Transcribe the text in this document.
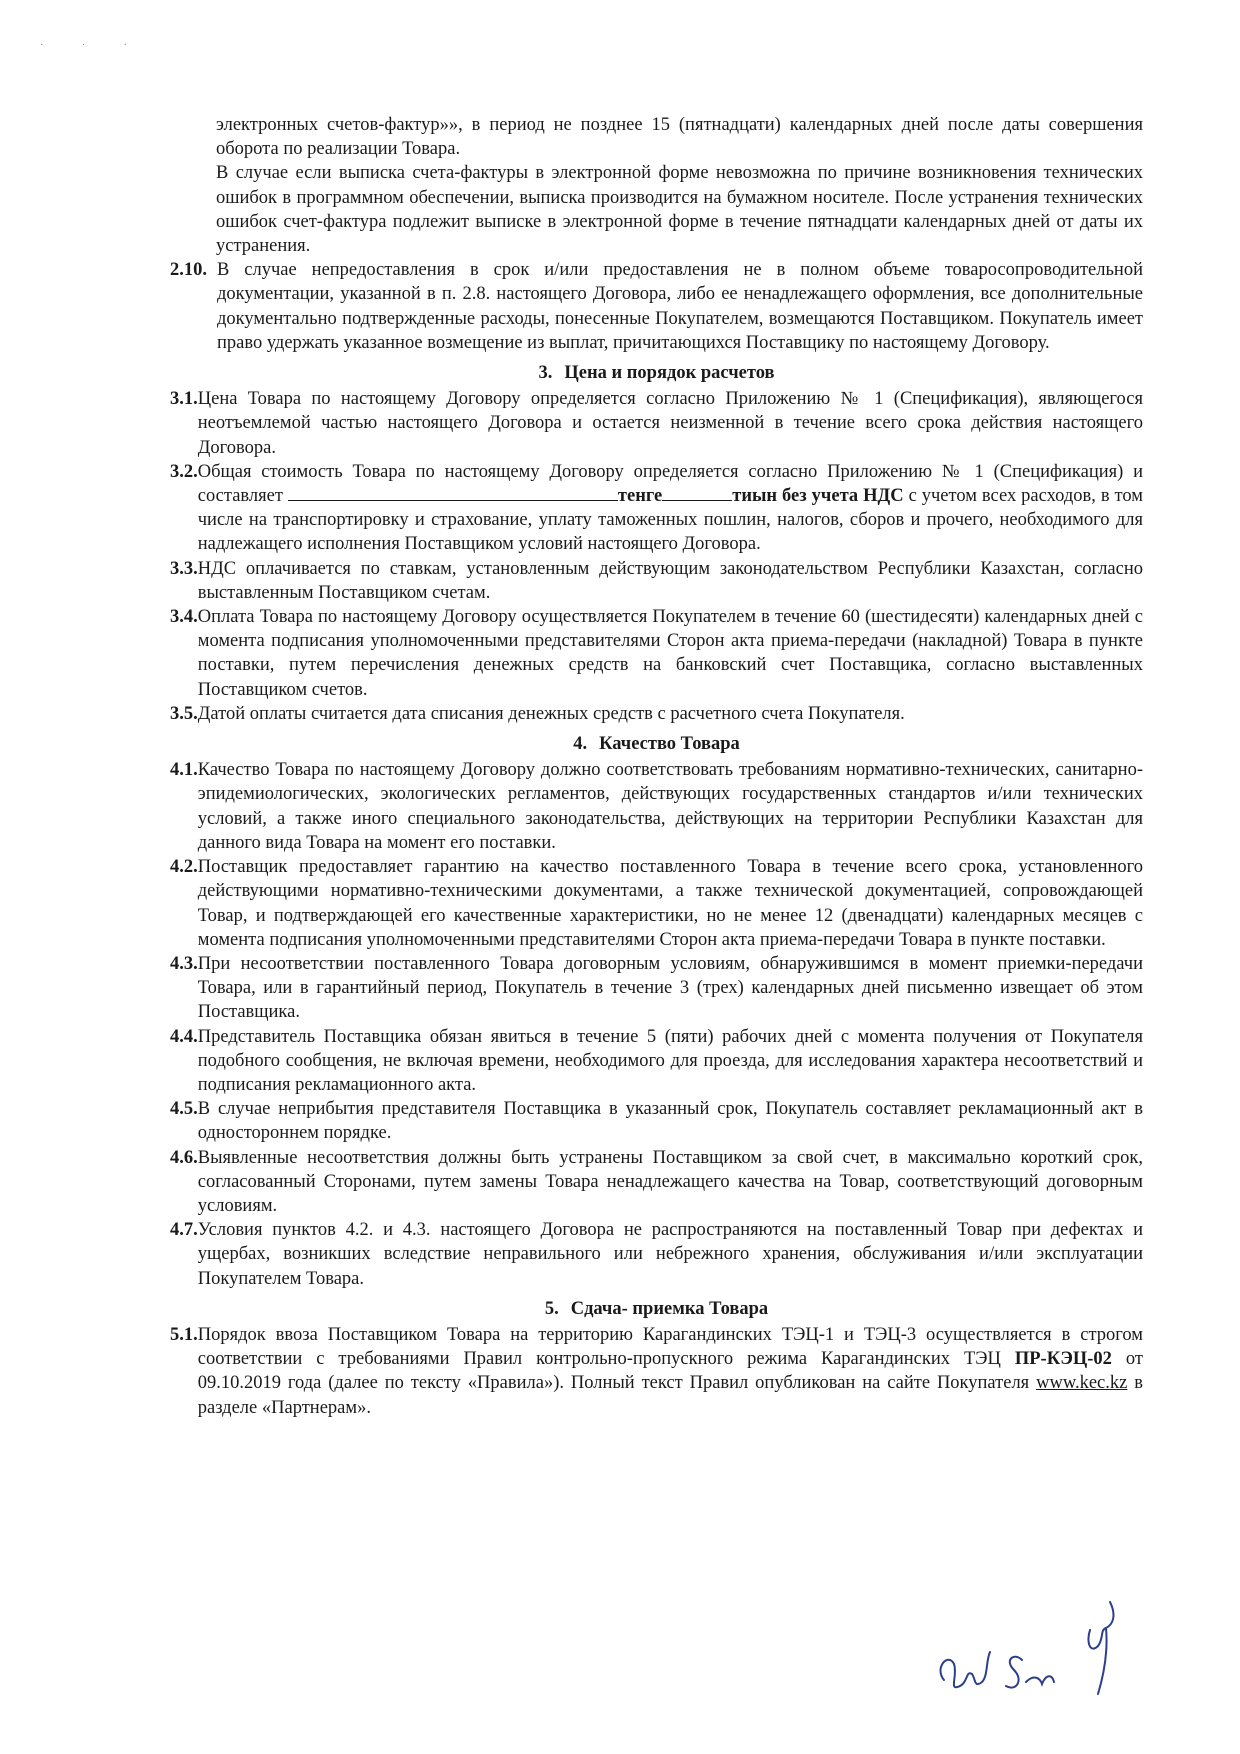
· · ·

электронных счетов-фактур»», в период не позднее 15 (пятнадцати) календарных дней после даты совершения оборота по реализации Товара.

В случае если выписка счета-фактуры в электронной форме невозможна по причине возникновения технических ошибок в программном обеспечении, выписка производится на бумажном носителе. После устранения технических ошибок счет-фактура подлежит выписке в электронной форме в течение пятнадцати календарных дней от даты их устранения.

2.10. В случае непредоставления в срок и/или предоставления не в полном объеме товаросопроводительной документации, указанной в п. 2.8. настоящего Договора, либо ее ненадлежащего оформления, все дополнительные документально подтвержденные расходы, понесенные Покупателем, возмещаются Поставщиком. Покупатель имеет право удержать указанное возмещение из выплат, причитающихся Поставщику по настоящему Договору.
3. Цена и порядок расчетов
3.1. Цена Товара по настоящему Договору определяется согласно Приложению № 1 (Спецификация), являющегося неотъемлемой частью настоящего Договора и остается неизменной в течение всего срока действия настоящего Договора.
3.2. Общая стоимость Товара по настоящему Договору определяется согласно Приложению № 1 (Спецификация) и составляет	тенге	тиын без учета НДС с учетом всех расходов, в том числе на транспортировку и страхование, уплату таможенных пошлин, налогов, сборов и прочего, необходимого для надлежащего исполнения Поставщиком условий настоящего Договора.
3.3. НДС оплачивается по ставкам, установленным действующим законодательством Республики Казахстан, согласно выставленным Поставщиком счетам.
3.4. Оплата Товара по настоящему Договору осуществляется Покупателем в течение 60 (шестидесяти) календарных дней с момента подписания уполномоченными представителями Сторон акта приема-передачи (накладной) Товара в пункте поставки, путем перечисления денежных средств на банковский счет Поставщика, согласно выставленных Поставщиком счетов.
3.5. Датой оплаты считается дата списания денежных средств с расчетного счета Покупателя.
4. Качество Товара
4.1. Качество Товара по настоящему Договору должно соответствовать требованиям нормативно-технических, санитарно-эпидемиологических, экологических регламентов, действующих государственных стандартов и/или технических условий, а также иного специального законодательства, действующих на территории Республики Казахстан для данного вида Товара на момент его поставки.
4.2. Поставщик предоставляет гарантию на качество поставленного Товара в течение всего срока, установленного действующими нормативно-техническими документами, а также технической документацией, сопровождающей Товар, и подтверждающей его качественные характеристики, но не менее 12 (двенадцати) календарных месяцев с момента подписания уполномоченными представителями Сторон акта приема-передачи Товара в пункте поставки.
4.3. При несоответствии поставленного Товара договорным условиям, обнаружившимся в момент приемки-передачи Товара, или в гарантийный период, Покупатель в течение 3 (трех) календарных дней письменно извещает об этом Поставщика.
4.4. Представитель Поставщика обязан явиться в течение 5 (пяти) рабочих дней с момента получения от Покупателя подобного сообщения, не включая времени, необходимого для проезда, для исследования характера несоответствий и подписания рекламационного акта.
4.5. В случае неприбытия представителя Поставщика в указанный срок, Покупатель составляет рекламационный акт в одностороннем порядке.
4.6. Выявленные несоответствия должны быть устранены Поставщиком за свой счет, в максимально короткий срок, согласованный Сторонами, путем замены Товара ненадлежащего качества на Товар, соответствующий договорным условиям.
4.7. Условия пунктов 4.2. и 4.3. настоящего Договора не распространяются на поставленный Товар при дефектах и ущербах, возникших вследствие неправильного или небрежного хранения, обслуживания и/или эксплуатации Покупателем Товара.
5. Сдача- приемка Товара
5.1. Порядок ввоза Поставщиком Товара на территорию Карагандинских ТЭЦ-1 и ТЭЦ-3 осуществляется в строгом соответствии с требованиями Правил контрольно-пропускного режима Карагандинских ТЭЦ ПР-КЭЦ-02 от 09.10.2019 года (далее по тексту «Правила»). Полный текст Правил опубликован на сайте Покупателя www.kec.kz в разделе «Партнерам».
